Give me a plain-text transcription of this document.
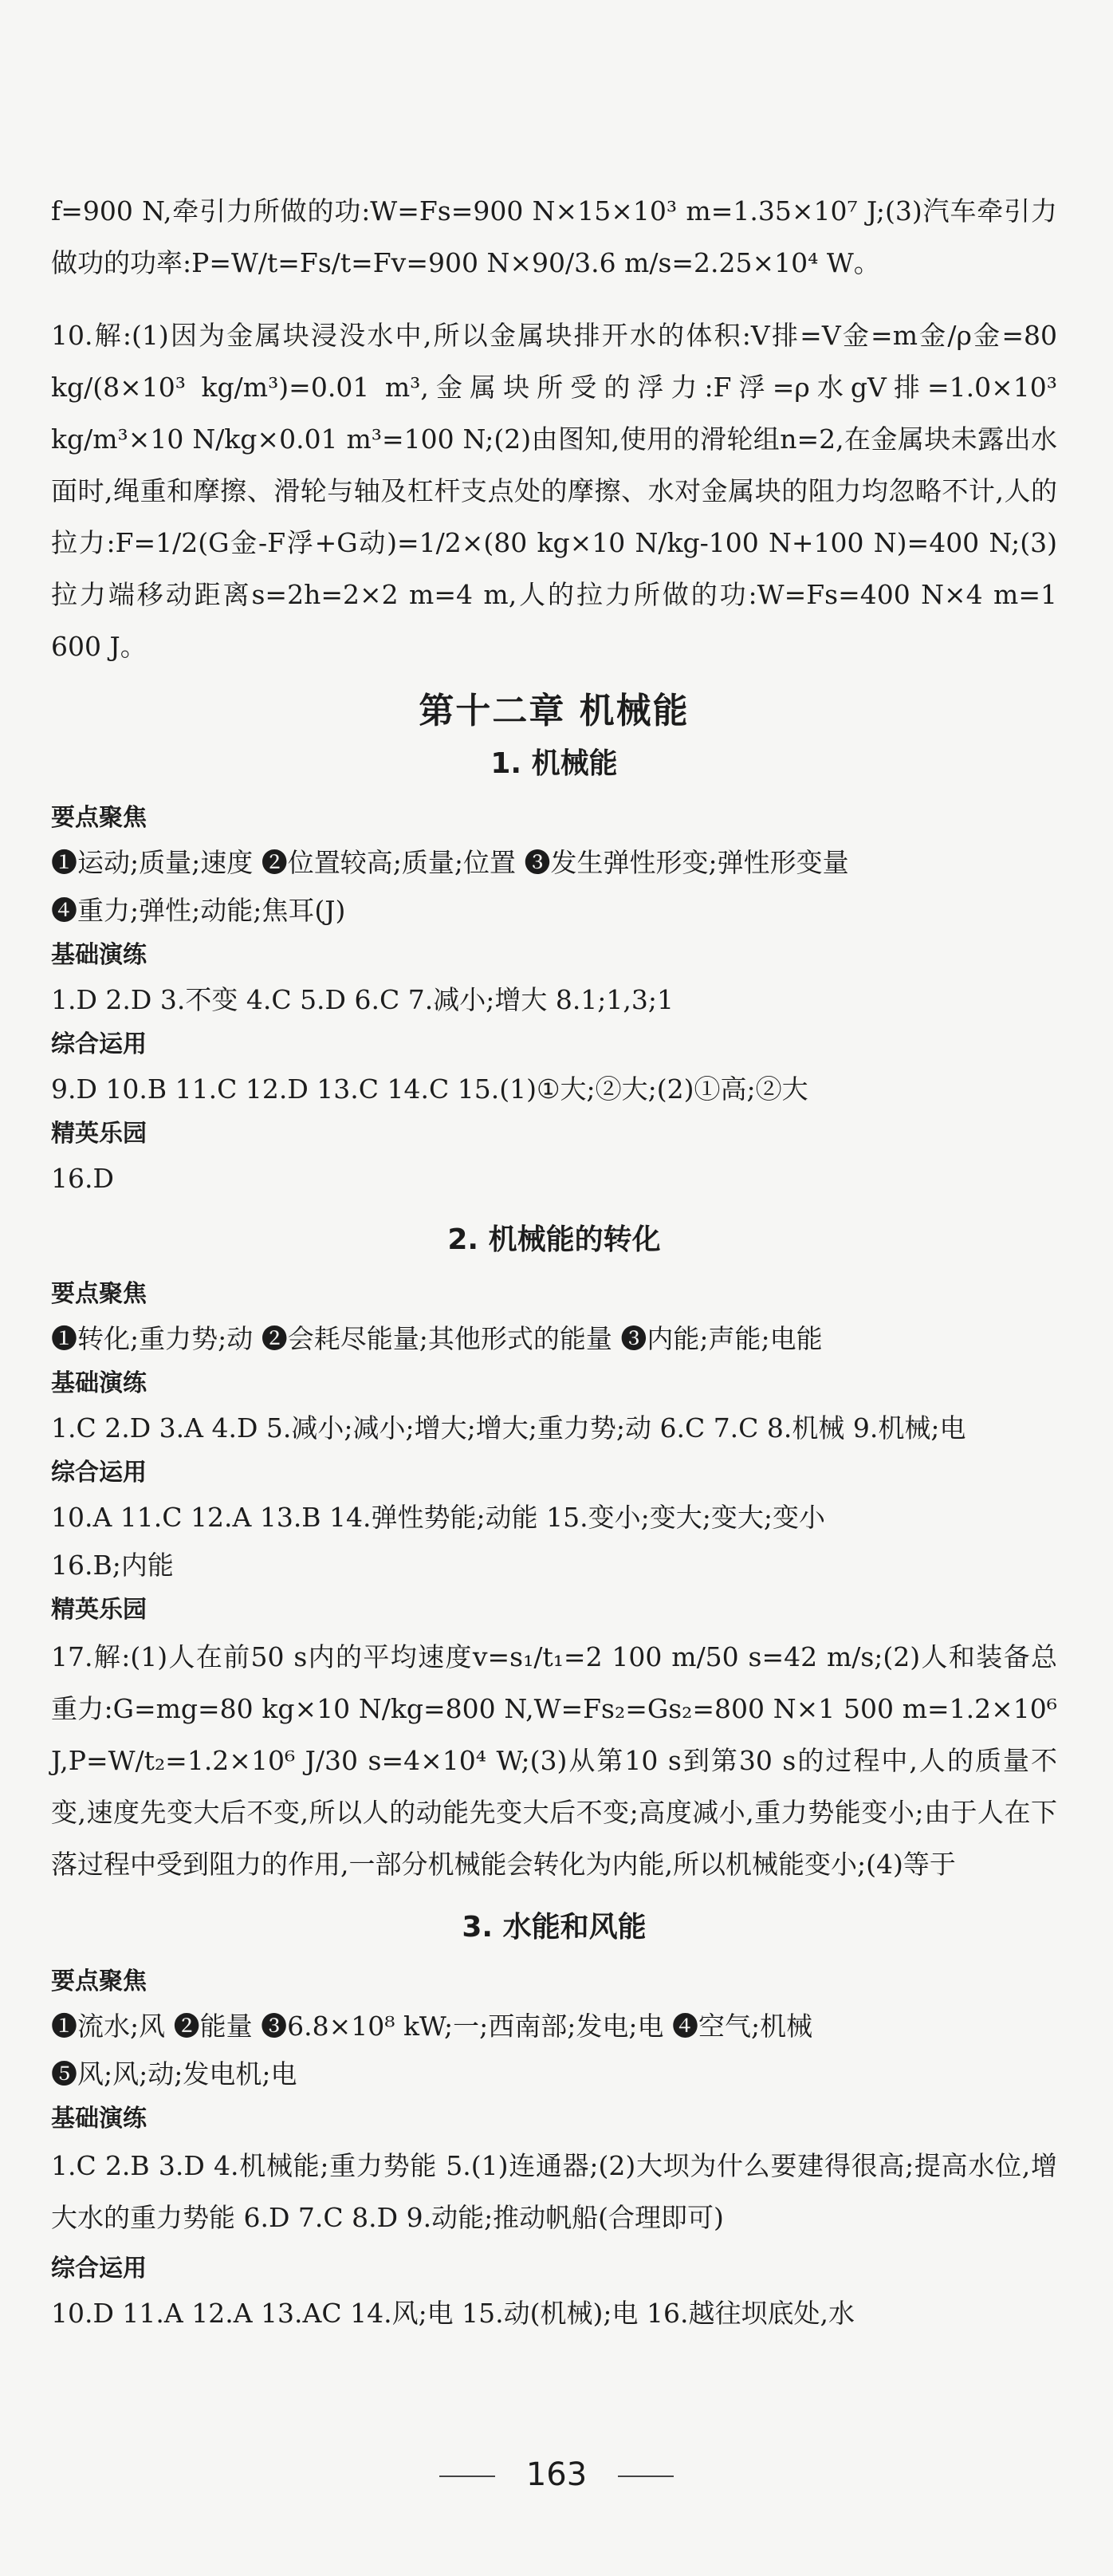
f=900 N,牵引力所做的功:W=Fs=900 N×15×10³ m=1.35×10⁷ J;(3)汽车牵引力做功的功率:P=W/t=Fs/t=Fv=900 N×90/3.6 m/s=2.25×10⁴ W。

10.解:(1)因为金属块浸没水中,所以金属块排开水的体积:V排=V金=m金/ρ金=80 kg/(8×10³ kg/m³)=0.01 m³,金属块所受的浮力:F浮=ρ水gV排=1.0×10³ kg/m³×10 N/kg×0.01 m³=100 N;(2)由图知,使用的滑轮组n=2,在金属块未露出水面时,绳重和摩擦、滑轮与轴及杠杆支点处的摩擦、水对金属块的阻力均忽略不计,人的拉力:F=1/2(G金-F浮+G动)=1/2×(80 kg×10 N/kg-100 N+100 N)=400 N;(3)拉力端移动距离s=2h=2×2 m=4 m,人的拉力所做的功:W=Fs=400 N×4 m=1 600 J。

第十二章 机械能
1. 机械能

要点聚焦

❶运动;质量;速度 ❷位置较高;质量;位置 ❸发生弹性形变;弹性形变量

❹重力;弹性;动能;焦耳(J)

基础演练

1.D 2.D 3.不变 4.C 5.D 6.C 7.减小;增大 8.1;1,3;1

综合运用

9.D 10.B 11.C 12.D 13.C 14.C 15.(1)①大;②大;(2)①高;②大

精英乐园

16.D

2. 机械能的转化

要点聚焦

❶转化;重力势;动 ❷会耗尽能量;其他形式的能量 ❸内能;声能;电能

基础演练

1.C 2.D 3.A 4.D 5.减小;减小;增大;增大;重力势;动 6.C 7.C 8.机械 9.机械;电

综合运用

10.A 11.C 12.A 13.B 14.弹性势能;动能 15.变小;变大;变大;变小

16.B;内能

精英乐园

17.解:(1)人在前50 s内的平均速度v=s₁/t₁=2 100 m/50 s=42 m/s;(2)人和装备总重力:G=mg=80 kg×10 N/kg=800 N,W=Fs₂=Gs₂=800 N×1 500 m=1.2×10⁶ J,P=W/t₂=1.2×10⁶ J/30 s=4×10⁴ W;(3)从第10 s到第30 s的过程中,人的质量不变,速度先变大后不变,所以人的动能先变大后不变;高度减小,重力势能变小;由于人在下落过程中受到阻力的作用,一部分机械能会转化为内能,所以机械能变小;(4)等于

3. 水能和风能

要点聚焦

❶流水;风 ❷能量 ❸6.8×10⁸ kW;一;西南部;发电;电 ❹空气;机械

❺风;风;动;发电机;电

基础演练

1.C 2.B 3.D 4.机械能;重力势能 5.(1)连通器;(2)大坝为什么要建得很高;提高水位,增大水的重力势能 6.D 7.C 8.D 9.动能;推动帆船(合理即可)

综合运用

10.D 11.A 12.A 13.AC 14.风;电 15.动(机械);电 16.越往坝底处,水

163
